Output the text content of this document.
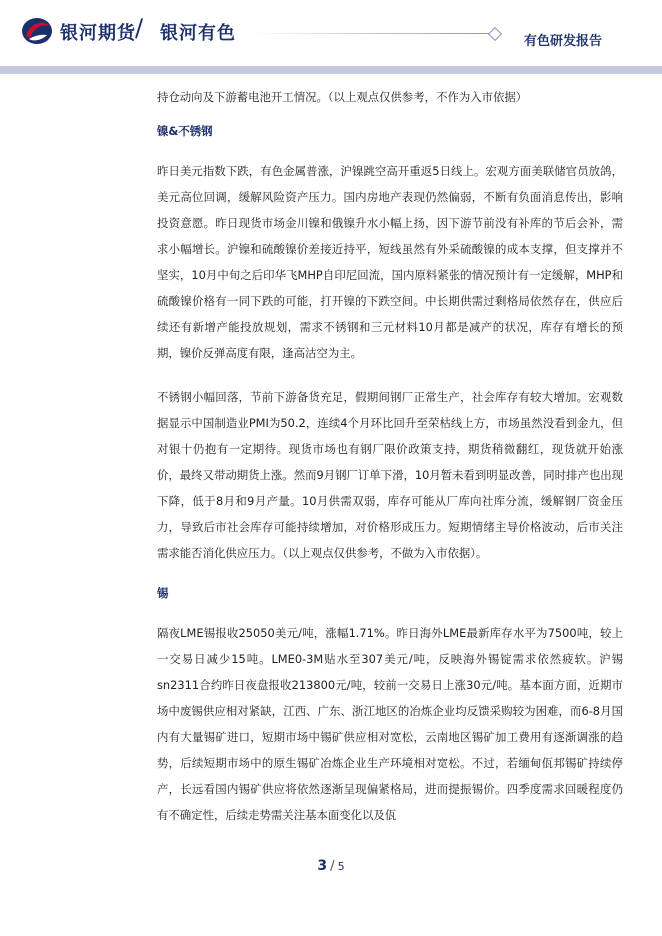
银河期货 / 银河有色	有色研发报告

持仓动向及下游蓄电池开工情况。（以上观点仅供参考，不作为入市依据）

镍&不锈钢

昨日美元指数下跌，有色金属普涨，沪镍跳空高开重返5日线上。宏观方面美联储官员放鸽，美元高位回调，缓解风险资产压力。国内房地产表现仍然偏弱，不断有负面消息传出，影响投资意愿。昨日现货市场金川镍和俄镍升水小幅上扬，因下游节前没有补库的节后会补，需求小幅增长。沪镍和硫酸镍价差接近持平，短线虽然有外采硫酸镍的成本支撑，但支撑并不坚实，10月中旬之后印华飞MHP自印尼回流，国内原料紧张的情况预计有一定缓解，MHP和硫酸镍价格有一同下跌的可能，打开镍的下跌空间。中长期供需过剩格局依然存在，供应后续还有新增产能投放规划，需求不锈钢和三元材料10月都是减产的状况，库存有增长的预期，镍价反弹高度有限，逢高沽空为主。

不锈钢小幅回落，节前下游备货充足，假期间钢厂正常生产，社会库存有较大增加。宏观数据显示中国制造业PMI为50.2，连续4个月环比回升至荣枯线上方，市场虽然没看到金九，但对银十仍抱有一定期待。现货市场也有钢厂限价政策支持，期货稍微翻红，现货就开始涨价，最终又带动期货上涨。然而9月钢厂订单下滑，10月暂未看到明显改善，同时排产也出现下降，低于8月和9月产量。10月供需双弱，库存可能从厂库向社库分流，缓解钢厂资金压力，导致后市社会库存可能持续增加，对价格形成压力。短期情绪主导价格波动，后市关注需求能否消化供应压力。（以上观点仅供参考，不做为入市依据）。

锡

隔夜LME锡报收25050美元/吨，涨幅1.71%。昨日海外LME最新库存水平为7500吨，较上一交易日减少15吨。LME0-3M贴水至307美元/吨，反映海外锡锭需求依然疲软。沪锡sn2311合约昨日夜盘报收213800元/吨，较前一交易日上涨30元/吨。基本面方面，近期市场中废锡供应相对紧缺，江西、广东、浙江地区的冶炼企业均反馈采购较为困难，而6-8月国内有大量锡矿进口，短期市场中锡矿供应相对宽松，云南地区锡矿加工费用有逐渐调涨的趋势，后续短期市场中的原生锡矿冶炼企业生产环境相对宽松。不过，若缅甸佤邦锡矿持续停产，长远看国内锡矿供应将依然逐渐呈现偏紧格局，进而提振锡价。四季度需求回暖程度仍有不确定性，后续走势需关注基本面变化以及佤

3 / 5
